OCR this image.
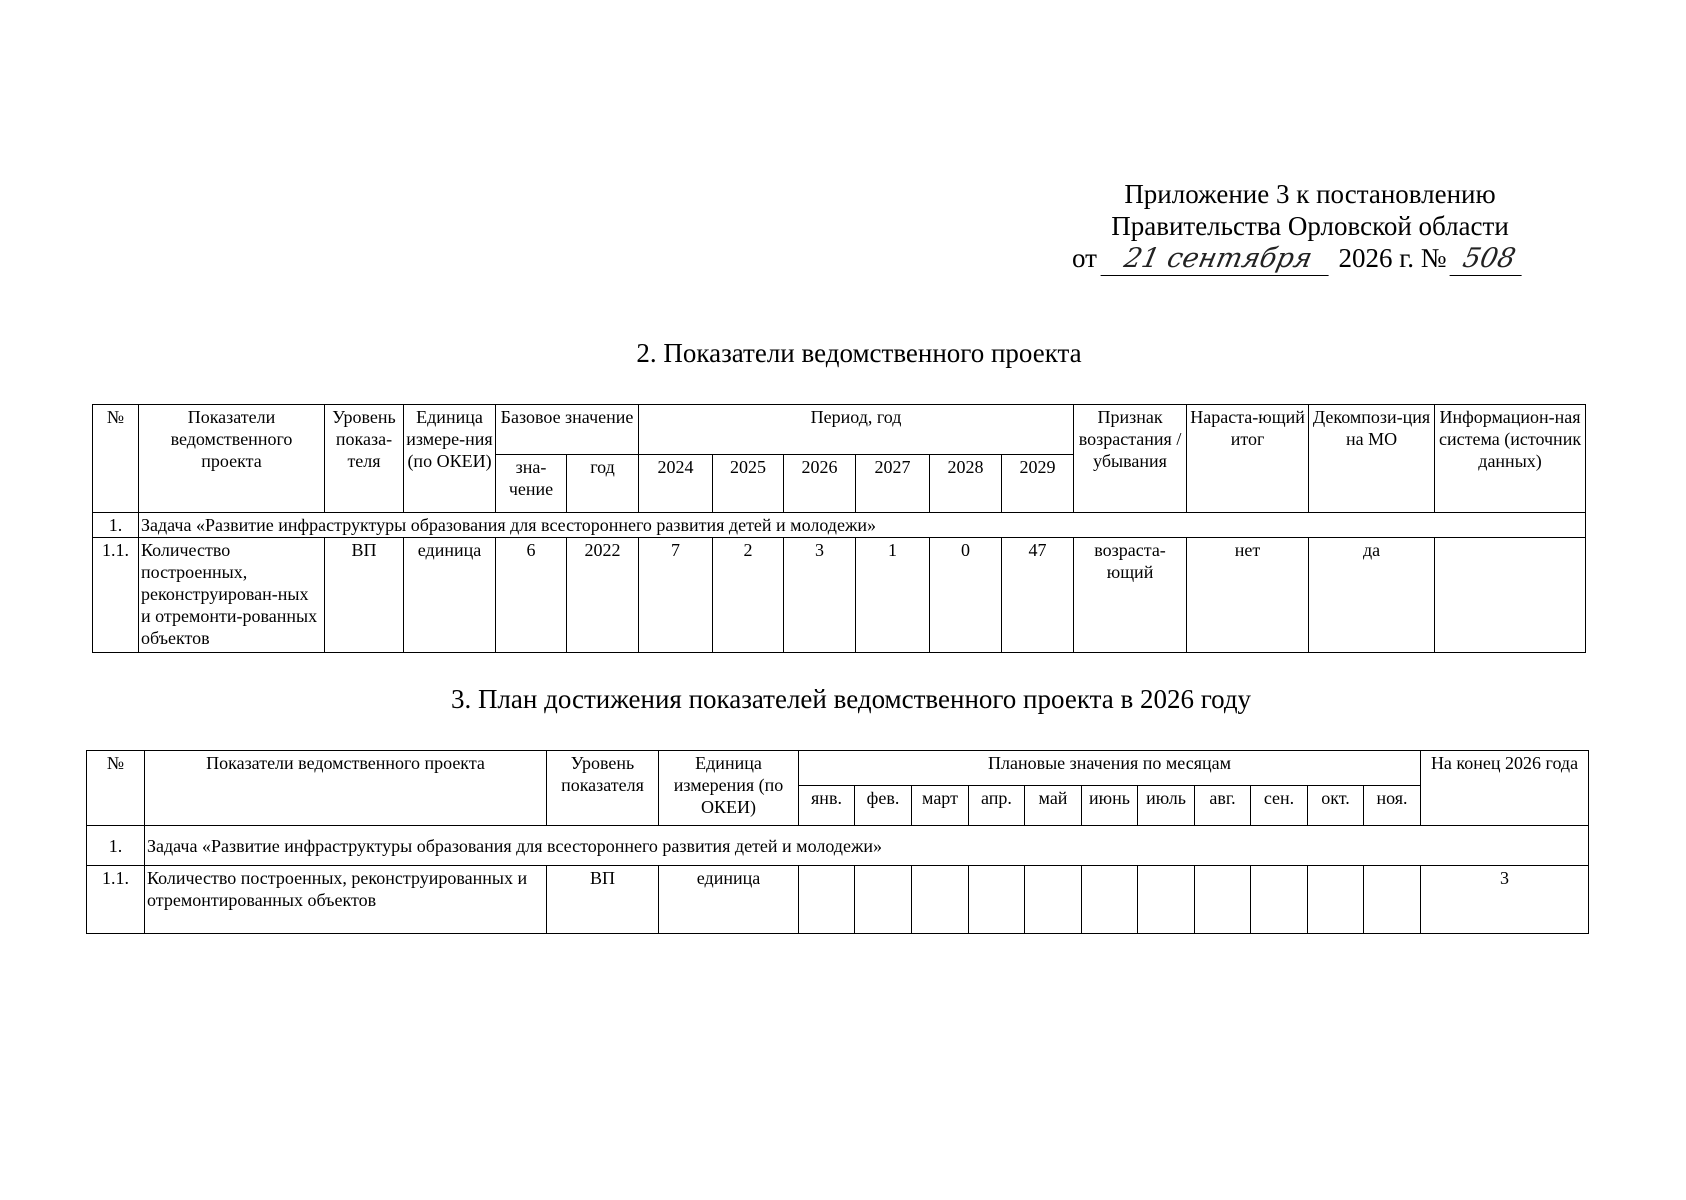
Приложение 3 к постановлению
Правительства Орловской области
от 21 сентября 2026 г. № 508
2. Показатели ведомственного проекта
№	Показатели ведомственного проекта	Уровень показа-теля	Единица измере-ния (по ОКЕИ)	Базовое значение		Период, год						Признак возрастания /убывания	Нараста-ющий итог	Декомпози-ция на МО	Информацион-ная система (источник данных)
				зна-чение	год	2024	2025	2026	2027	2028	2029				
1.	Задача «Развитие инфраструктуры образования для всестороннего развития детей и молодежи»														
1.1.	Количество построенных, реконструирован-ных и отремонти-рованных объектов	ВП	единица	6	2022	7	2	3	1	0	47	возраста-ющий	нет	да	
3. План достижения показателей ведомственного проекта в 2026 году
№	Показатели ведомственного проекта	Уровень показателя	Единица измерения (по ОКЕИ)	Плановые значения по месяцам											На конец 2026 года
				янв.	фев.	март	апр.	май	июнь	июль	авг.	сен.	окт.	ноя.	
1.	Задача «Развитие инфраструктуры образования для всестороннего развития детей и молодежи»														
1.1.	Количество построенных, реконструированных и отремонтированных объектов	ВП	единица												3
